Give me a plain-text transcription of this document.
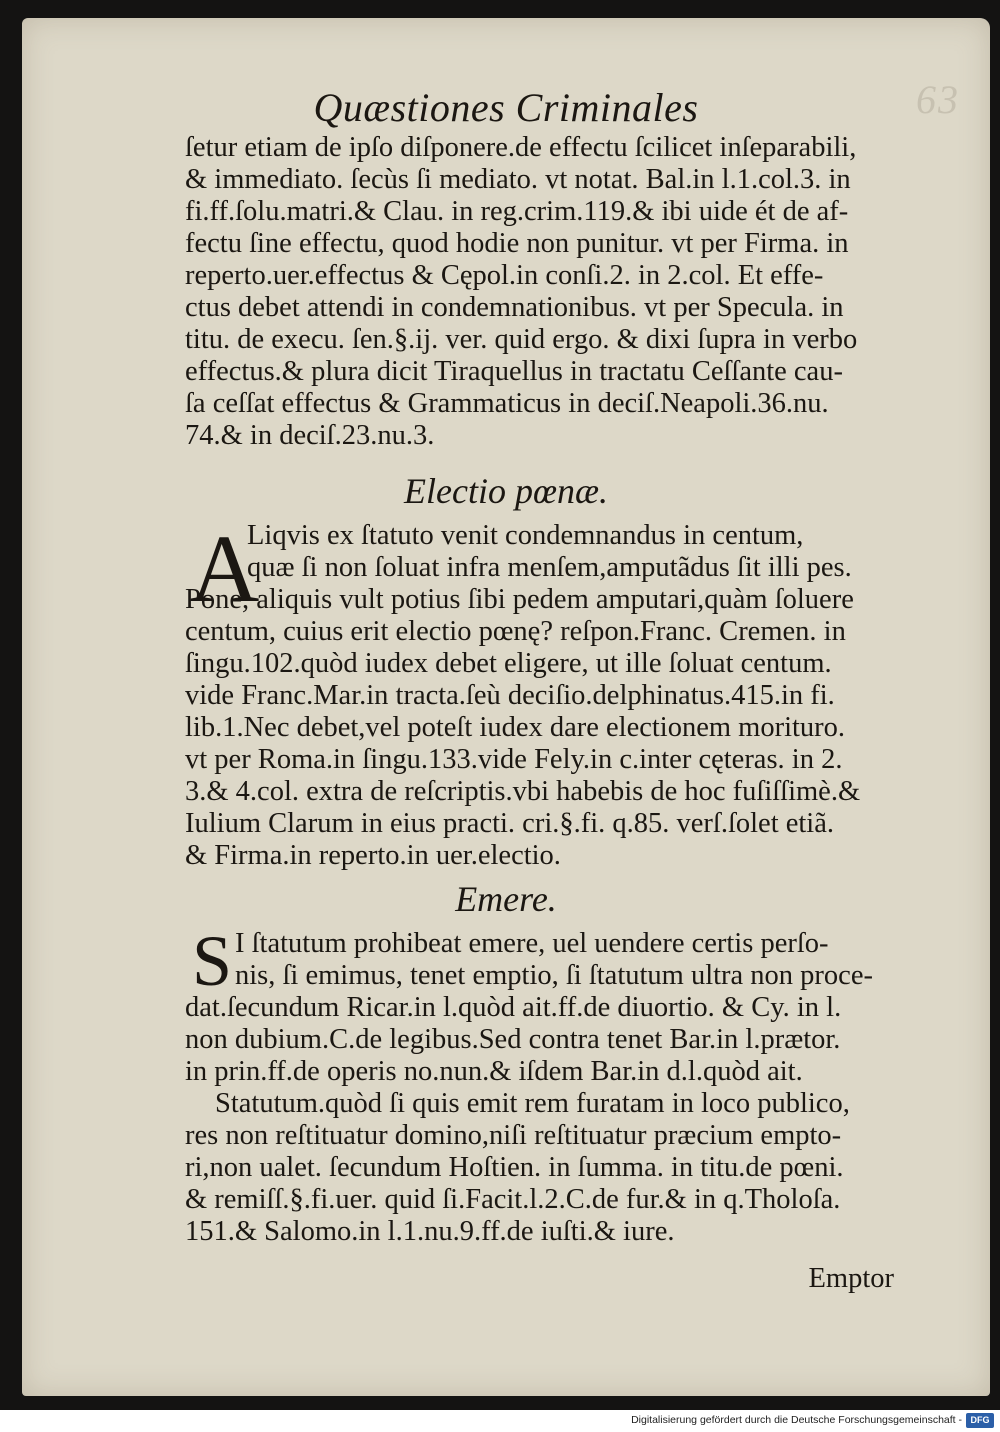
63
Quæstiones Criminales
ſetur etiam de ipſo diſponere.de effectu ſcilicet inſeparabili,
& immediato. ſecùs ſi mediato. vt notat. Bal.in l.1.col.3. in
fi.ff.ſolu.matri.& Clau. in reg.crim.119.& ibi uide ét de af-
fectu ſine effectu, quod hodie non punitur. vt per Firma. in
reperto.uer.effectus & Cępol.in conſi.2. in 2.col. Et effe-
ctus debet attendi in condemnationibus. vt per Specula. in
titu. de execu. ſen.§.ij. ver. quid ergo. & dixi ſupra in verbo
effectus.& plura dicit Tiraquellus in tractatu Ceſſante cau-
ſa ceſſat effectus & Grammaticus in deciſ.Neapoli.36.nu.
74.& in deciſ.23.nu.3.
Electio pœnæ.
A
Liqvis ex ſtatuto venit condemnandus in centum,
quæ ſi non ſoluat infra menſem,amputãdus ſit illi pes.
Pone, aliquis vult potius ſibi pedem amputari,quàm ſoluere
centum, cuius erit electio pœnę? reſpon.Franc. Cremen. in
ſingu.102.quòd iudex debet eligere, ut ille ſoluat centum.
vide Franc.Mar.in tracta.ſeù deciſio.delphinatus.415.in fi.
lib.1.Nec debet,vel poteſt iudex dare electionem morituro.
vt per Roma.in ſingu.133.vide Fely.in c.inter cęteras. in 2.
3.& 4.col. extra de reſcriptis.vbi habebis de hoc fuſiſſimè.&
Iulium Clarum in eius practi. cri.§.fi. q.85. verſ.ſolet etiã.
& Firma.in reperto.in uer.electio.
Emere.
S I ſtatutum prohibeat emere, uel uendere certis perſo-
nis, ſi emimus, tenet emptio, ſi ſtatutum ultra non proce-
dat.ſecundum Ricar.in l.quòd ait.ff.de diuortio. & Cy. in l.
non dubium.C.de legibus.Sed contra tenet Bar.in l.prætor.
in prin.ff.de operis no.nun.& iſdem Bar.in d.l.quòd ait.
Statutum.quòd ſi quis emit rem furatam in loco publico,
res non reſtituatur domino,niſi reſtituatur præcium empto-
ri,non ualet. ſecundum Hoſtien. in ſumma. in titu.de pœni.
& remiſſ.§.fi.uer. quid ſi.Facit.l.2.C.de fur.& in q.Tholoſa.
151.& Salomo.in l.1.nu.9.ff.de iuſti.& iure.
Emptor
Digitalisierung gefördert durch die Deutsche Forschungsgemeinschaft - DFG
